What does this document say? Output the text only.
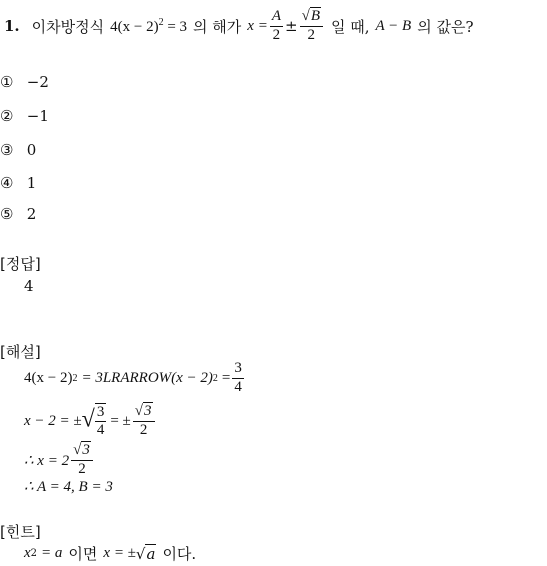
1. 이차방정식 $4(x - 2)^2 = 3$ 의 해가 $x = \frac{A}{2} \pm \frac{√B}{2}$ 일 때, A − B 의 값은?
① −2
② −1
③ 0
④ 1
⑤ 2
[정답]
4
[해설]
4(x − 2) 2 = 3LRARROW(x − 2) $2 = \frac{3}{4}$
x − 2 = ± √ $\frac{3}{4}$ = ± $\frac{√3}{2}$
∴ $x = 2 \frac{√3}{2}$
∴ A = 4, B = 3
[힌트]
x 2 = a 이면 x = ± √a 이다.
